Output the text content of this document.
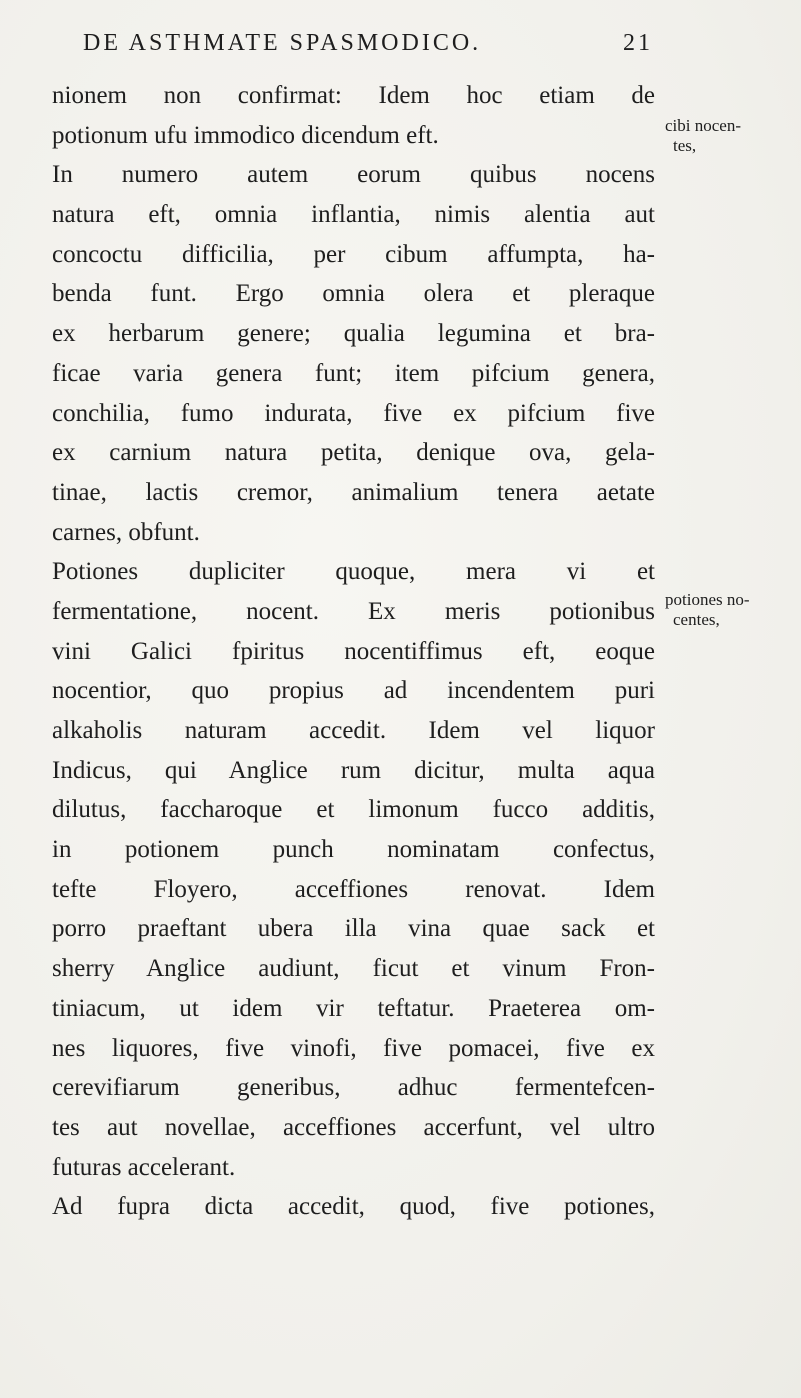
DE ASTHMATE SPASMODICO.	21
nionem non confirmat: Idem hoc etiam de
potionum ufu immodico dicendum eft.
In numero autem eorum quibus nocens
natura eft, omnia inflantia, nimis alentia aut
concoctu difficilia, per cibum affumpta, ha-
benda funt. Ergo omnia olera et pleraque
ex herbarum genere; qualia legumina et bra-
ficae varia genera funt; item pifcium genera,
conchilia, fumo indurata, five ex pifcium five
ex carnium natura petita, denique ova, gela-
tinae, lactis cremor, animalium tenera aetate
carnes, obfunt.
Potiones dupliciter quoque, mera vi et
fermentatione, nocent. Ex meris potionibus
vini Galici fpiritus nocentiffimus eft, eoque
nocentior, quo propius ad incendentem puri
alkaholis naturam accedit. Idem vel liquor
Indicus, qui Anglice rum dicitur, multa aqua
dilutus, faccharoque et limonum fucco additis,
in potionem punch nominatam confectus,
tefte Floyero, acceffiones renovat. Idem
porro praeftant ubera illa vina quae sack et
sherry Anglice audiunt, ficut et vinum Fron-
tiniacum, ut idem vir teftatur. Praeterea om-
nes liquores, five vinofi, five pomacei, five ex
cerevifiarum generibus, adhuc fermentefcen-
tes aut novellae, acceffiones accerfunt, vel ultro
futuras accelerant.
Ad fupra dicta accedit, quod, five potiones,
cibi nocen-
tes,
potiones no-
centes,
